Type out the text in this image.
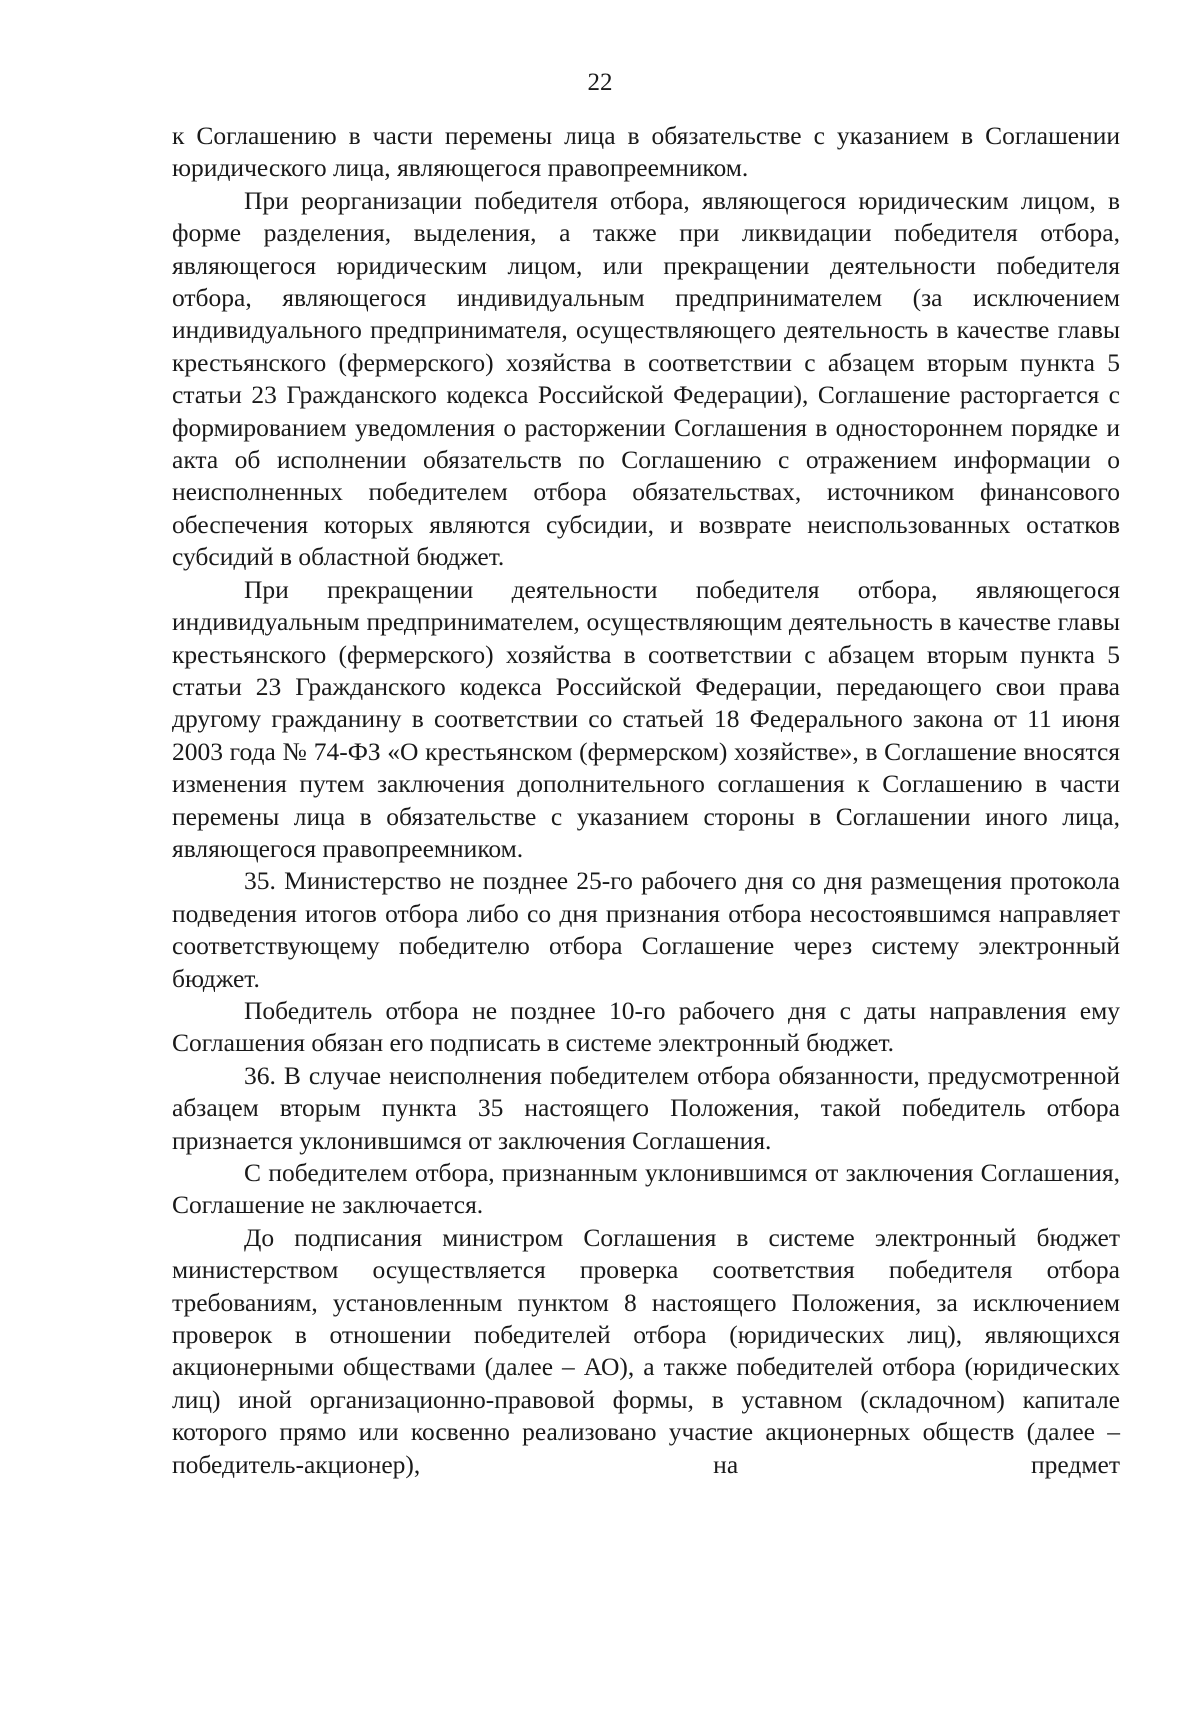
22

к Соглашению в части перемены лица в обязательстве с указанием в Соглашении юридического лица, являющегося правопреемником.

При реорганизации победителя отбора, являющегося юридическим лицом, в форме разделения, выделения, а также при ликвидации победителя отбора, являющегося юридическим лицом, или прекращении деятельности победителя отбора, являющегося индивидуальным предпринимателем (за исключением индивидуального предпринимателя, осуществляющего деятельность в качестве главы крестьянского (фермерского) хозяйства в соответствии с абзацем вторым пункта 5 статьи 23 Гражданского кодекса Российской Федерации), Соглашение расторгается с формированием уведомления о расторжении Соглашения в одностороннем порядке и акта об исполнении обязательств по Соглашению с отражением информации о неисполненных победителем отбора обязательствах, источником финансового обеспечения которых являются субсидии, и возврате неиспользованных остатков субсидий в областной бюджет.

При прекращении деятельности победителя отбора, являющегося индивидуальным предпринимателем, осуществляющим деятельность в качестве главы крестьянского (фермерского) хозяйства в соответствии с абзацем вторым пункта 5 статьи 23 Гражданского кодекса Российской Федерации, передающего свои права другому гражданину в соответствии со статьей 18 Федерального закона от 11 июня 2003 года № 74-ФЗ «О крестьянском (фермерском) хозяйстве», в Соглашение вносятся изменения путем заключения дополнительного соглашения к Соглашению в части перемены лица в обязательстве с указанием стороны в Соглашении иного лица, являющегося правопреемником.

35. Министерство не позднее 25-го рабочего дня со дня размещения протокола подведения итогов отбора либо со дня признания отбора несостоявшимся направляет соответствующему победителю отбора Соглашение через систему электронный бюджет.

Победитель отбора не позднее 10-го рабочего дня с даты направления ему Соглашения обязан его подписать в системе электронный бюджет.

36. В случае неисполнения победителем отбора обязанности, предусмотренной абзацем вторым пункта 35 настоящего Положения, такой победитель отбора признается уклонившимся от заключения Соглашения.

С победителем отбора, признанным уклонившимся от заключения Соглашения, Соглашение не заключается.

До подписания министром Соглашения в системе электронный бюджет министерством осуществляется проверка соответствия победителя отбора требованиям, установленным пунктом 8 настоящего Положения, за исключением проверок в отношении победителей отбора (юридических лиц), являющихся акционерными обществами (далее – АО), а также победителей отбора (юридических лиц) иной организационно-правовой формы, в уставном (складочном) капитале которого прямо или косвенно реализовано участие акционерных обществ (далее – победитель-акционер), на предмет
